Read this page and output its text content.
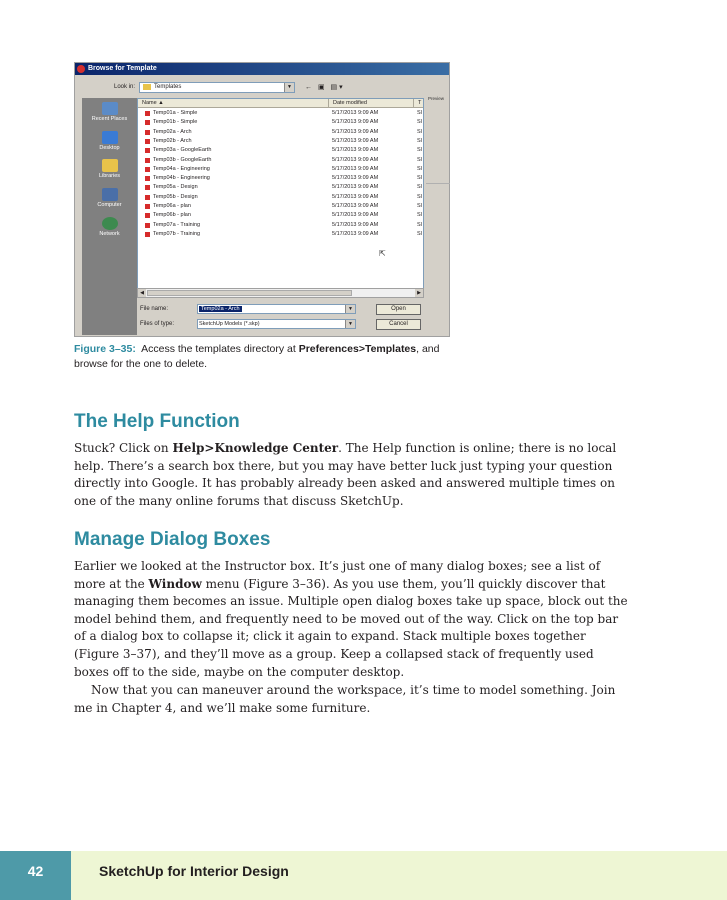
Browse for Template
Look in:	Templates	▼ ← ▣ ▤▾
Recent Places
Desktop
Libraries
Computer
Network
Name ▲	Date modified	T
Temp01a - Simple	5/17/2013 9:09 AM	Sl
Temp01b - Simple	5/17/2013 9:09 AM	Sl
Temp02a - Arch	5/17/2013 9:09 AM	Sl
Temp02b - Arch	5/17/2013 9:09 AM	Sl
Temp03a - GoogleEarth	5/17/2013 9:09 AM	Sl
Temp03b - GoogleEarth	5/17/2013 9:09 AM	Sl
Temp04a - Engineering	5/17/2013 9:09 AM	Sl
Temp04b - Engineering	5/17/2013 9:09 AM	Sl
Temp05a - Design	5/17/2013 9:09 AM	Sl
Temp05b - Design	5/17/2013 9:09 AM	Sl
Temp06a - plan	5/17/2013 9:09 AM	Sl
Temp06b - plan	5/17/2013 9:09 AM	Sl
Temp07a - Training	5/17/2013 9:09 AM	Sl
Temp07b - Training	5/17/2013 9:09 AM	Sl
⇱
Preview
◀	▶
File name:	Temp02a - Arch	▼
Files of type:	SketchUp Models (*.skp)	▼
Open
Cancel

Figure 3–35: Access the templates directory at Preferences>Templates, and browse for the one to delete.

The Help Function

Stuck? Click on Help>Knowledge Center. The Help function is online; there is no local help. There’s a search box there, but you may have better luck just typing your question directly into Google. It has probably already been asked and answered multiple times on one of the many online forums that discuss SketchUp.

Manage Dialog Boxes

Earlier we looked at the Instructor box. It’s just one of many dialog boxes; see a list of more at the Window menu (Figure 3–36). As you use them, you’ll quickly discover that managing them becomes an issue. Multiple open dialog boxes take up space, block out the model behind them, and frequently need to be moved out of the way. Click on the top bar of a dialog box to collapse it; click it again to expand. Stack multiple boxes together (Figure 3–37), and they’ll move as a group. Keep a collapsed stack of frequently used boxes off to the side, maybe on the computer desktop.

Now that you can maneuver around the workspace, it’s time to model something. Join me in Chapter 4, and we’ll make some furniture.

42	SketchUp for Interior Design
